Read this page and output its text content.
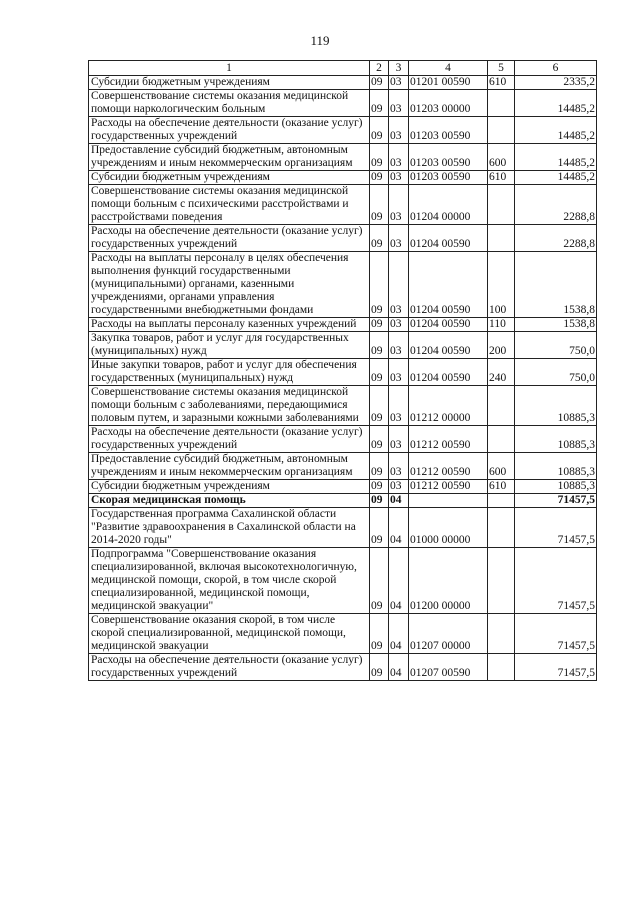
119
1	2	3	4	5	6
Субсидии бюджетным учреждениям	09	03	01201 00590	610	2335,2
Совершенствование системы оказания медицинской помощи наркологическим больным	09	03	01203 00000		14485,2
Расходы на обеспечение деятельности (оказание услуг) государственных учреждений	09	03	01203 00590		14485,2
Предоставление субсидий бюджетным, автономным учреждениям и иным некоммерческим организациям	09	03	01203 00590	600	14485,2
Субсидии бюджетным учреждениям	09	03	01203 00590	610	14485,2
Совершенствование системы оказания медицинской помощи больным с психическими расстройствами и расстройствами поведения	09	03	01204 00000		2288,8
Расходы на обеспечение деятельности (оказание услуг) государственных учреждений	09	03	01204 00590		2288,8
Расходы на выплаты персоналу в целях обеспечения выполнения функций государственными (муниципальными) органами, казенными учреждениями, органами управления государственными внебюджетными фондами	09	03	01204 00590	100	1538,8
Расходы на выплаты персоналу казенных учреждений	09	03	01204 00590	110	1538,8
Закупка товаров, работ и услуг для государственных (муниципальных) нужд	09	03	01204 00590	200	750,0
Иные закупки товаров, работ и услуг для обеспечения государственных (муниципальных) нужд	09	03	01204 00590	240	750,0
Совершенствование системы оказания медицинской помощи больным с заболеваниями, передающимися половым путем, и заразными кожными заболеваниями	09	03	01212 00000		10885,3
Расходы на обеспечение деятельности (оказание услуг) государственных учреждений	09	03	01212 00590		10885,3
Предоставление субсидий бюджетным, автономным учреждениям и иным некоммерческим организациям	09	03	01212 00590	600	10885,3
Субсидии бюджетным учреждениям	09	03	01212 00590	610	10885,3
Скорая медицинская помощь	09	04			71457,5
Государственная программа Сахалинской области "Развитие здравоохранения в Сахалинской области на 2014-2020 годы"	09	04	01000 00000		71457,5
Подпрограмма "Совершенствование оказания специализированной, включая высокотехнологичную, медицинской помощи, скорой, в том числе скорой специализированной, медицинской помощи, медицинской эвакуации"	09	04	01200 00000		71457,5
Совершенствование оказания скорой, в том числе скорой специализированной, медицинской помощи, медицинской эвакуации	09	04	01207 00000		71457,5
Расходы на обеспечение деятельности (оказание услуг) государственных учреждений	09	04	01207 00590		71457,5
